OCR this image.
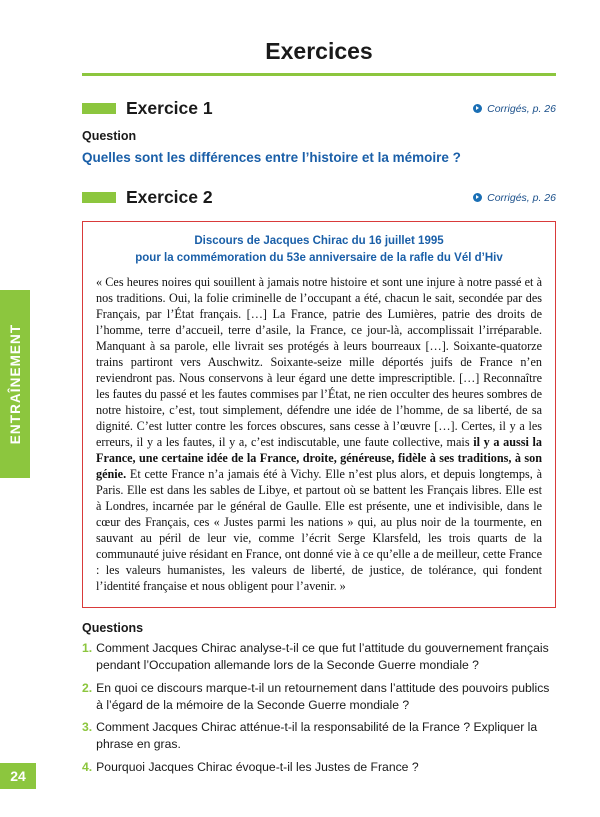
ENTRAÎNEMENT
24
Exercices
Exercice 1	Corrigés, p. 26
Question
Quelles sont les différences entre l’histoire et la mémoire ?
Exercice 2	Corrigés, p. 26
Discours de Jacques Chirac du 16 juillet 1995
pour la commémoration du 53e anniversaire de la rafle du Vél d’Hiv
« Ces heures noires qui souillent à jamais notre histoire et sont une injure à notre passé et à nos traditions. Oui, la folie criminelle de l’occupant a été, chacun le sait, secondée par des Français, par l’État français. […] La France, patrie des Lumières, patrie des droits de l’homme, terre d’accueil, terre d’asile, la France, ce jour-là, accomplissait l’irréparable. Manquant à sa parole, elle livrait ses protégés à leurs bourreaux […]. Soixante-quatorze trains partiront vers Auschwitz. Soixante-seize mille déportés juifs de France n’en reviendront pas. Nous conservons à leur égard une dette imprescriptible. […] Reconnaître les fautes du passé et les fautes commises par l’État, ne rien occulter des heures sombres de notre histoire, c’est, tout simplement, défendre une idée de l’homme, de sa liberté, de sa dignité. C’est lutter contre les forces obscures, sans cesse à l’œuvre […]. Certes, il y a les erreurs, il y a les fautes, il y a, c’est indiscutable, une faute collective, mais il y a aussi la France, une certaine idée de la France, droite, généreuse, fidèle à ses traditions, à son génie. Et cette France n’a jamais été à Vichy. Elle n’est plus alors, et depuis longtemps, à Paris. Elle est dans les sables de Libye, et partout où se battent les Français libres. Elle est à Londres, incarnée par le général de Gaulle. Elle est présente, une et indivisible, dans le cœur des Français, ces « Justes parmi les nations » qui, au plus noir de la tourmente, en sauvant au péril de leur vie, comme l’écrit Serge Klarsfeld, les trois quarts de la communauté juive résidant en France, ont donné vie à ce qu’elle a de meilleur, cette France : les valeurs humanistes, les valeurs de liberté, de justice, de tolérance, qui fondent l’identité française et nous obligent pour l’avenir. »
Questions
1. Comment Jacques Chirac analyse-t-il ce que fut l’attitude du gouvernement français pendant l’Occupation allemande lors de la Seconde Guerre mondiale ?
2. En quoi ce discours marque-t-il un retournement dans l’attitude des pouvoirs publics à l’égard de la mémoire de la Seconde Guerre mondiale ?
3. Comment Jacques Chirac atténue-t-il la responsabilité de la France ? Expliquer la phrase en gras.
4. Pourquoi Jacques Chirac évoque-t-il les Justes de France ?
